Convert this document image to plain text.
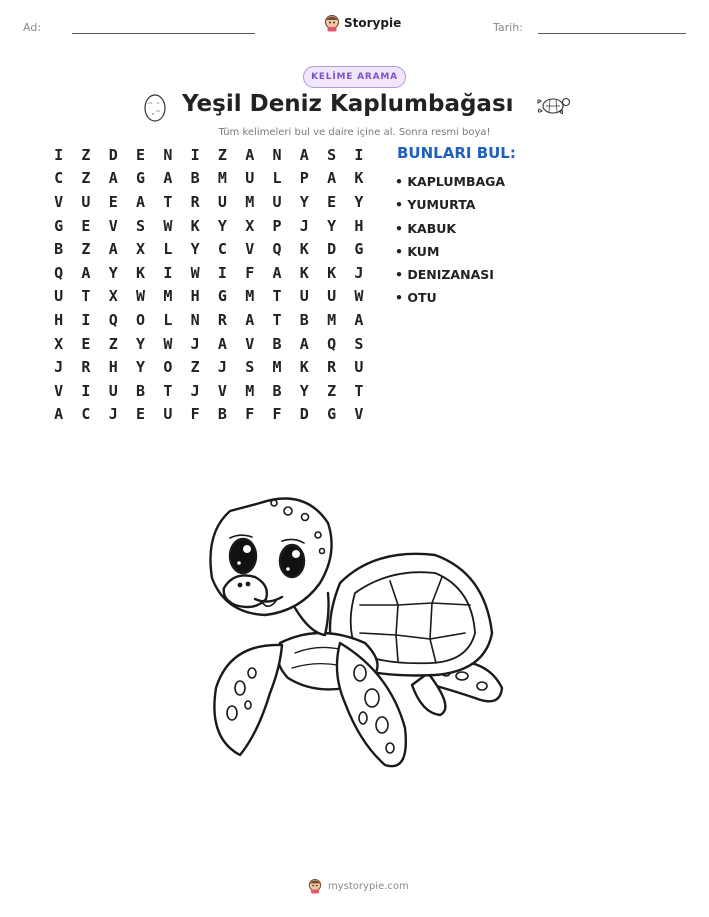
Ad:	Storypie	Tarih:
KELİME ARAMA
Yeşil Deniz Kaplumbağası
Tüm kelimeleri bul ve daire içine al. Sonra resmi boya!
I	Z	D	E	N	I	Z	A	N	A	S	I
C	Z	A	G	A	B	M	U	L	P	A	K
V	U	E	A	T	R	U	M	U	Y	E	Y
G	E	V	S	W	K	Y	X	P	J	Y	H
B	Z	A	X	L	Y	C	V	Q	K	D	G
Q	A	Y	K	I	W	I	F	A	K	K	J
U	T	X	W	M	H	G	M	T	U	U	W
H	I	Q	O	L	N	R	A	T	B	M	A
X	E	Z	Y	W	J	A	V	B	A	Q	S
J	R	H	Y	O	Z	J	S	M	K	R	U
V	I	U	B	T	J	V	M	B	Y	Z	T
A	C	J	E	U	F	B	F	F	D	G	V
BUNLARI BUL:
• KAPLUMBAGA
• YUMURTA
• KABUK
• KUM
• DENIZANASI
• OTU
mystorypie.com
